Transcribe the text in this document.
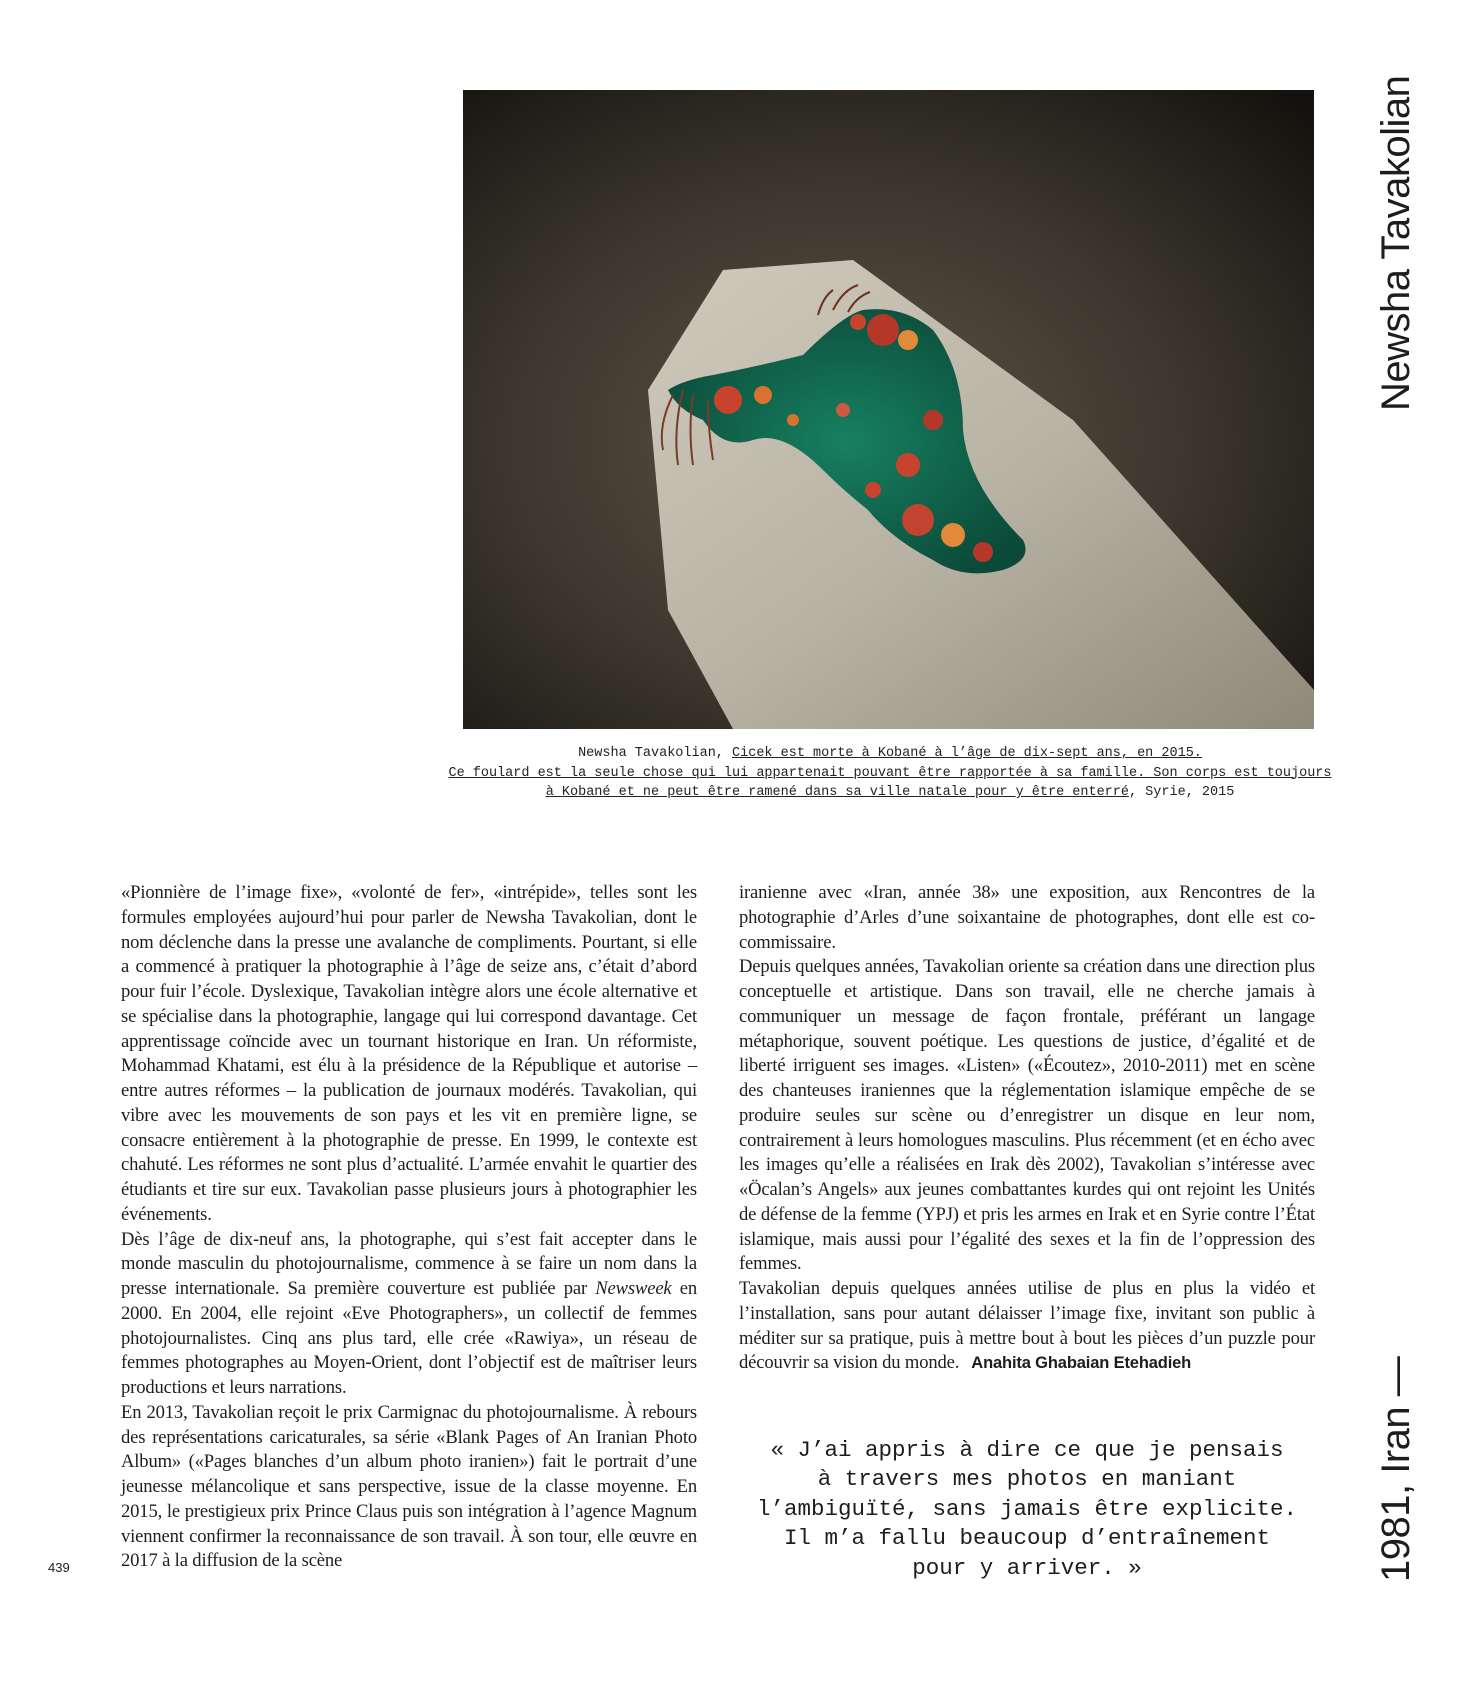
Newsha Tavakolian, Cicek est morte à Kobané à l’âge de dix-sept ans, en 2015.
Ce foulard est la seule chose qui lui appartenait pouvant être rapportée à sa famille. Son corps est toujours
à Kobané et ne peut être ramené dans sa ville natale pour y être enterré, Syrie, 2015

«Pionnière de l’image fixe», «volonté de fer», «intrépide», telles sont les formules employées aujourd’hui pour parler de Newsha Tavakolian, dont le nom déclenche dans la presse une avalanche de compliments. Pourtant, si elle a commencé à pratiquer la photographie à l’âge de seize ans, c’était d’abord pour fuir l’école. Dyslexique, Tavakolian intègre alors une école alternative et se spécialise dans la photographie, langage qui lui correspond davantage. Cet apprentissage coïncide avec un tournant historique en Iran. Un réformiste, Mohammad Khatami, est élu à la présidence de la République et autorise – entre autres réformes – la publication de journaux modérés. Tavakolian, qui vibre avec les mouvements de son pays et les vit en première ligne, se consacre entièrement à la photographie de presse. En 1999, le contexte est chahuté. Les réformes ne sont plus d’actualité. L’armée envahit le quartier des étudiants et tire sur eux. Tavakolian passe plusieurs jours à photographier les événements.

Dès l’âge de dix-neuf ans, la photographe, qui s’est fait accepter dans le monde masculin du photojournalisme, commence à se faire un nom dans la presse internationale. Sa première couverture est publiée par Newsweek en 2000. En 2004, elle rejoint «Eve Photographers», un collectif de femmes photojournalistes. Cinq ans plus tard, elle crée «Rawiya», un réseau de femmes photographes au Moyen-Orient, dont l’objectif est de maîtriser leurs productions et leurs narrations.

En 2013, Tavakolian reçoit le prix Carmignac du photojournalisme. À rebours des représentations caricaturales, sa série «Blank Pages of An Iranian Photo Album» («Pages blanches d’un album photo iranien») fait le portrait d’une jeunesse mélancolique et sans perspective, issue de la classe moyenne. En 2015, le prestigieux prix Prince Claus puis son intégration à l’agence Magnum viennent confirmer la reconnaissance de son travail. À son tour, elle œuvre en 2017 à la diffusion de la scène

iranienne avec «Iran, année 38» une exposition, aux Rencontres de la photographie d’Arles d’une soixantaine de photographes, dont elle est co-commissaire.

Depuis quelques années, Tavakolian oriente sa création dans une direction plus conceptuelle et artistique. Dans son travail, elle ne cherche jamais à communiquer un message de façon frontale, préférant un langage métaphorique, souvent poétique. Les questions de justice, d’égalité et de liberté irriguent ses images. «Listen» («Écoutez», 2010-2011) met en scène des chanteuses iraniennes que la réglementation islamique empêche de se produire seules sur scène ou d’enregistrer un disque en leur nom, contrairement à leurs homologues masculins. Plus récemment (et en écho avec les images qu’elle a réalisées en Irak dès 2002), Tavakolian s’intéresse avec «Öcalan’s Angels» aux jeunes combattantes kurdes qui ont rejoint les Unités de défense de la femme (YPJ) et pris les armes en Irak et en Syrie contre l’État islamique, mais aussi pour l’égalité des sexes et la fin de l’oppression des femmes.

Tavakolian depuis quelques années utilise de plus en plus la vidéo et l’installation, sans pour autant délaisser l’image fixe, invitant son public à méditer sur sa pratique, puis à mettre bout à bout les pièces d’un puzzle pour découvrir sa vision du monde. Anahita Ghabaian Etehadieh

« J’ai appris à dire ce que je pensais
à travers mes photos en maniant
l’ambiguïté, sans jamais être explicite.
Il m’a fallu beaucoup d’entraînement
pour y arriver. »
439
Newsha Tavakolian
1981, Iran —
